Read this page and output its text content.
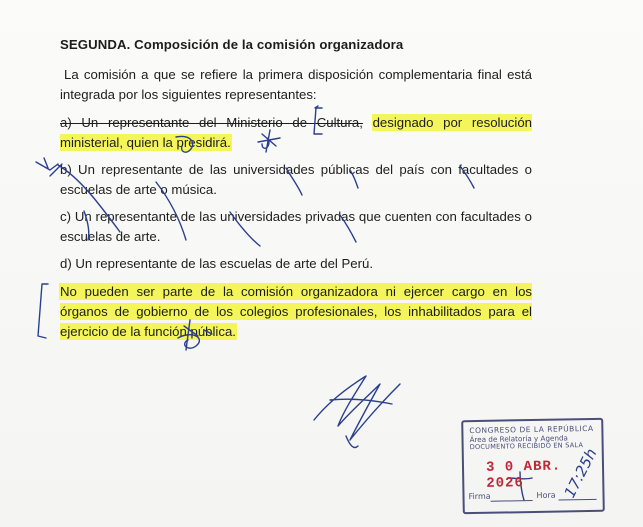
SEGUNDA. Composición de la comisión organizadora
La comisión a que se refiere la primera disposición complementaria final está integrada por los siguientes representantes:
a) Un representante del Ministerio de Cultura, designado por resolución ministerial, quien la presidirá.
b) Un representante de las universidades públicas del país con facultades o escuelas de arte o música.
c) Un representante de las universidades privadas que cuenten con facultades o escuelas de arte.
d) Un representante de las escuelas de arte del Perú.
No pueden ser parte de la comisión organizadora ni ejercer cargo en los órganos de gobierno de los colegios profesionales, los inhabilitados para el ejercicio de la función pública.
CONGRESO DE LA REPÚBLICA
Área de Relatoría y Agenda
DOCUMENTO RECIBIDO EN SALA
3 0 ABR. 2026
Firma	Hora 17:25h
